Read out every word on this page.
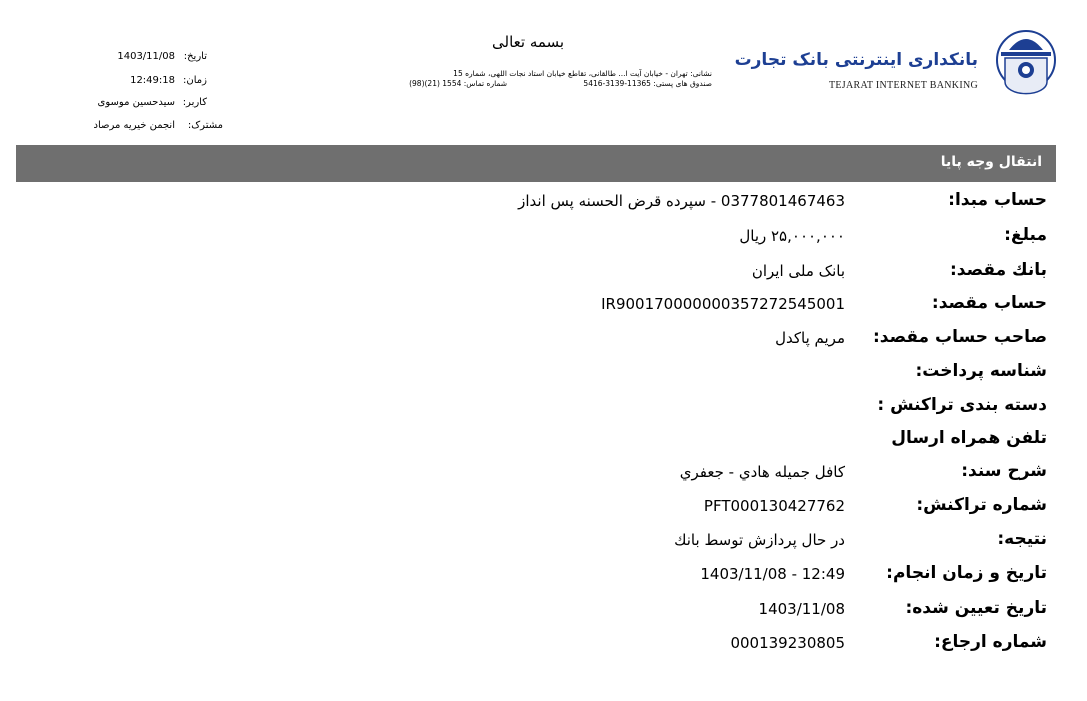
بانکداری اینترنتی بانک تجارت
TEJARAT INTERNET BANKING
بسمه تعالی
نشانی: تهران - خیابان آیت ا... طالقانی، تقاطع خیابان استاد نجات اللهی، شماره 15
صندوق های پستی: 11365-3139-5416
شماره تماس: 1554 (21)(98)
تاریخ:
1403/11/08
زمان:
12:49:18
کاربر:
سیدحسین موسوی
مشترک:
انجمن خیریه مرصاد
انتقال وجه پایا
حساب مبدا:
0377801467463 - سپرده قرض الحسنه پس انداز
مبلغ:
۲۵,۰۰۰,۰۰۰ ریال
بانك مقصد:
بانک ملی ایران
حساب مقصد:
IR900170000000357272545001
صاحب حساب مقصد:
مریم پاکدل
شناسه پرداخت:
دسته بندی تراکنش :
تلفن همراه ارسال
شرح سند:
كافل جميله هادي - جعفري
شماره تراکنش:
PFT000130427762
نتیجه:
در حال پردازش توسط بانك
تاریخ و زمان انجام:
1403/11/08 - 12:49
تاریخ تعیین شده:
1403/11/08
شماره ارجاع:
000139230805
